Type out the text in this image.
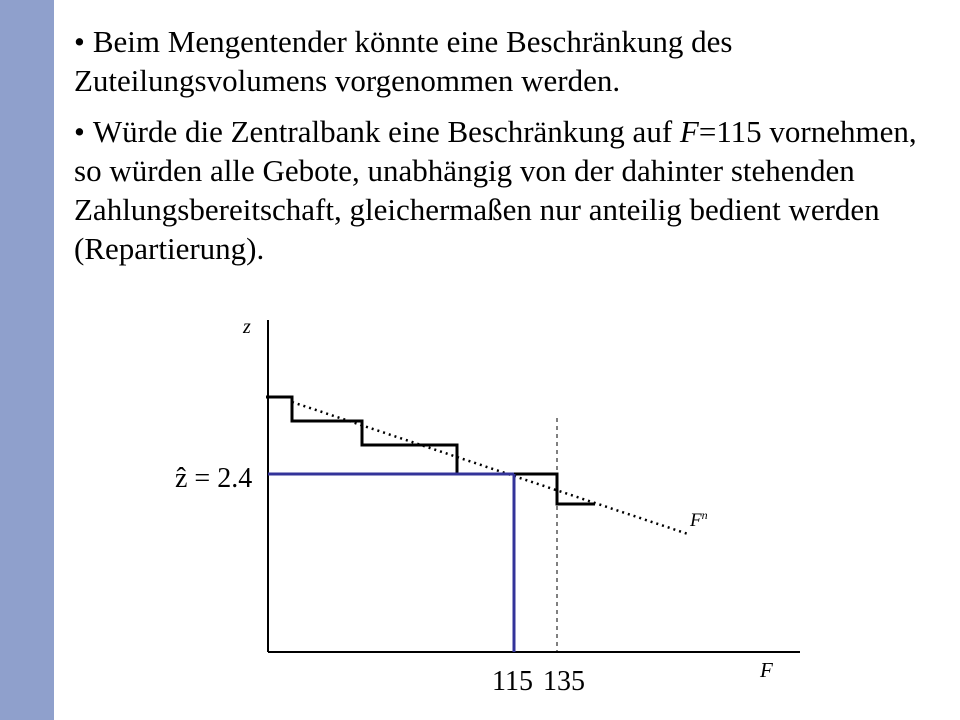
• Beim Mengentender könnte eine Beschränkung des Zuteilungsvolumens vorgenommen werden.
• Würde die Zentralbank eine Beschränkung auf F=115 vornehmen, so würden alle Gebote, unabhängig von der dahinter stehenden Zahlungsbereitschaft, gleichermaßen nur anteilig bedient werden (Repartierung).
z
F
ẑ = 2.4
$F^n$
115 135
